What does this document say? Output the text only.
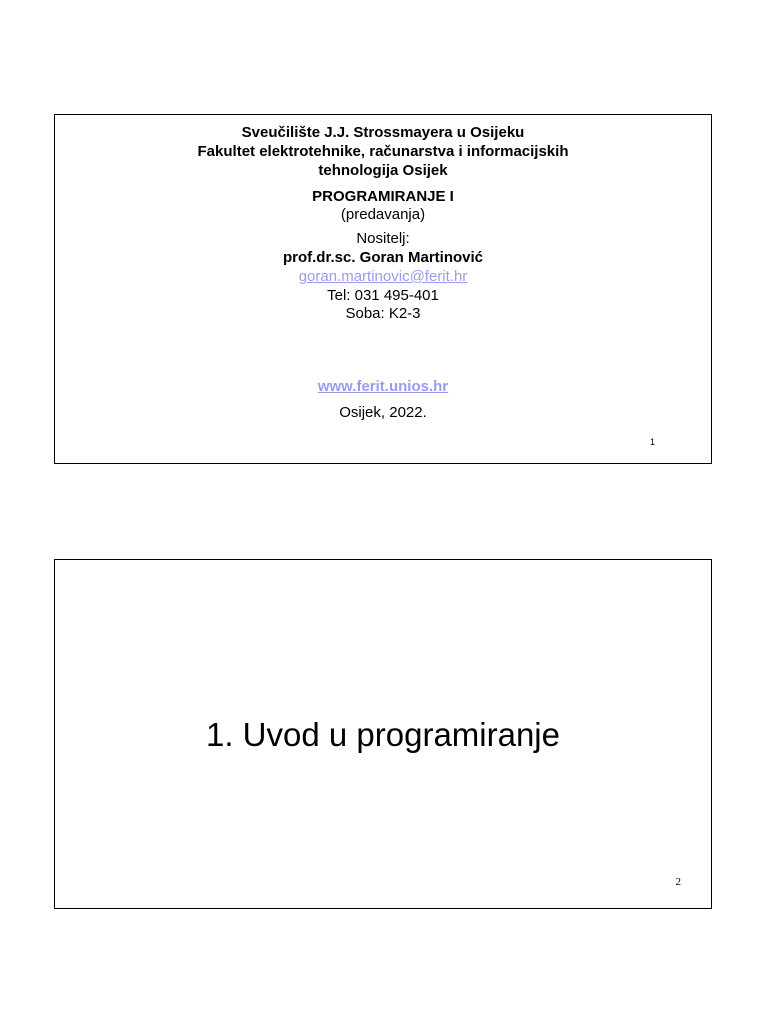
Sveučilište J.J. Strossmayera u Osijeku
Fakultet elektrotehnike, računarstva i informacijskih
tehnologija Osijek
PROGRAMIRANJE I
(predavanja)
Nositelj:
prof.dr.sc. Goran Martinović
goran.martinovic@ferit.hr
Tel: 031 495-401
Soba: K2-3
www.ferit.unios.hr
Osijek, 2022.
1
1. Uvod u programiranje
2
